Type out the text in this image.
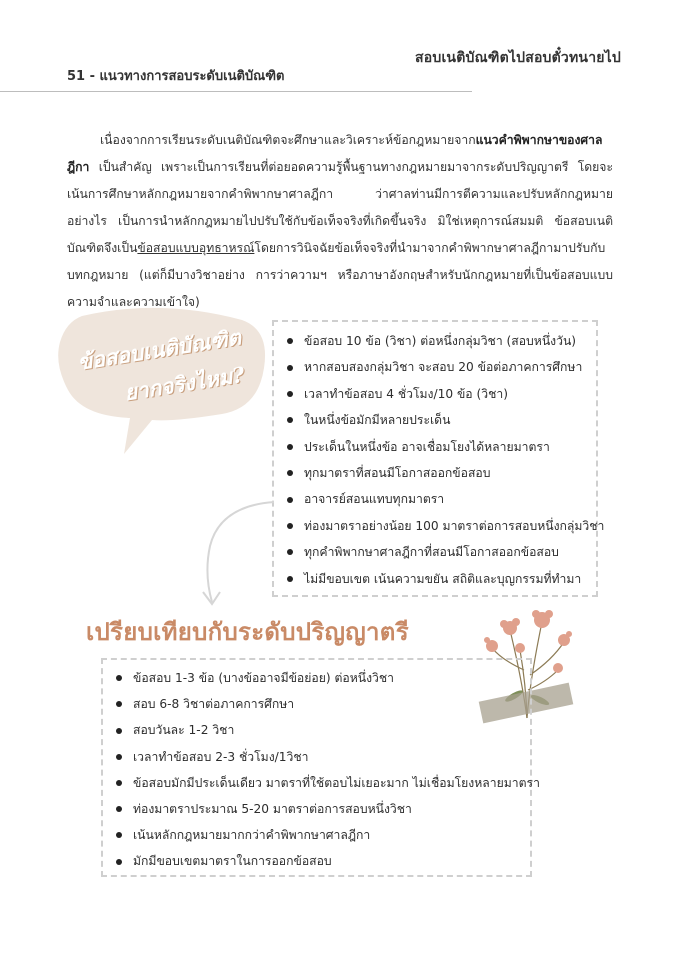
สอบเนติบัณฑิตไปสอบตั๋วทนายไป
51 - แนวทางการสอบระดับเนติบัณฑิต
เนื่องจากการเรียนระดับเนติบัณฑิตจะศึกษาและวิเคราะห์ข้อกฎหมายจากแนวคำพิพากษาของศาลฎีกา เป็นสำคัญ เพราะเป็นการเรียนที่ต่อยอดความรู้พื้นฐานทางกฎหมายมาจากระดับปริญญาตรี โดยจะเน้นการศึกษาหลักกฎหมายจากคำพิพากษาศาลฎีกา ว่าศาลท่านมีการตีความและปรับหลักกฎหมายอย่างไร เป็นการนำหลักกฎหมายไปปรับใช้กับข้อเท็จจริงที่เกิดขึ้นจริง มิใช่เหตุการณ์สมมติ ข้อสอบเนติบัณฑิตจึงเป็นข้อสอบแบบอุทธาหรณ์โดยการวินิจฉัยข้อเท็จจริงที่นำมาจากคำพิพากษาศาลฎีกามาปรับกับบทกฎหมาย (แต่ก็มีบางวิชาอย่าง การว่าความฯ หรือภาษาอังกฤษสำหรับนักกฎหมายที่เป็นข้อสอบแบบความจำและความเข้าใจ)
ข้อสอบเนติบัณฑิต
ยากจริงไหม?
ข้อสอบ 10 ข้อ (วิชา) ต่อหนึ่งกลุ่มวิชา (สอบหนึ่งวัน)
หากสอบสองกลุ่มวิชา จะสอบ 20 ข้อต่อภาคการศึกษา
เวลาทำข้อสอบ 4 ชั่วโมง/10 ข้อ (วิชา)
ในหนึ่งข้อมักมีหลายประเด็น
ประเด็นในหนึ่งข้อ อาจเชื่อมโยงได้หลายมาตรา
ทุกมาตราที่สอนมีโอกาสออกข้อสอบ
อาจารย์สอนแทบทุกมาตรา
ท่องมาตราอย่างน้อย 100 มาตราต่อการสอบหนึ่งกลุ่มวิชา
ทุกคำพิพากษาศาลฎีกาที่สอนมีโอกาสออกข้อสอบ
ไม่มีขอบเขต เน้นความขยัน สถิติและบุญกรรมที่ทำมา
เปรียบเทียบกับระดับปริญญาตรี
ข้อสอบ 1-3 ข้อ (บางข้ออาจมีข้อย่อย) ต่อหนึ่งวิชา
สอบ 6-8 วิชาต่อภาคการศึกษา
สอบวันละ 1-2 วิชา
เวลาทำข้อสอบ 2-3 ชั่วโมง/1วิชา
ข้อสอบมักมีประเด็นเดียว มาตราที่ใช้ตอบไม่เยอะมาก ไม่เชื่อมโยงหลายมาตรา
ท่องมาตราประมาณ 5-20 มาตราต่อการสอบหนึ่งวิชา
เน้นหลักกฎหมายมากกว่าคำพิพากษาศาลฎีกา
มักมีขอบเขตมาตราในการออกข้อสอบ
